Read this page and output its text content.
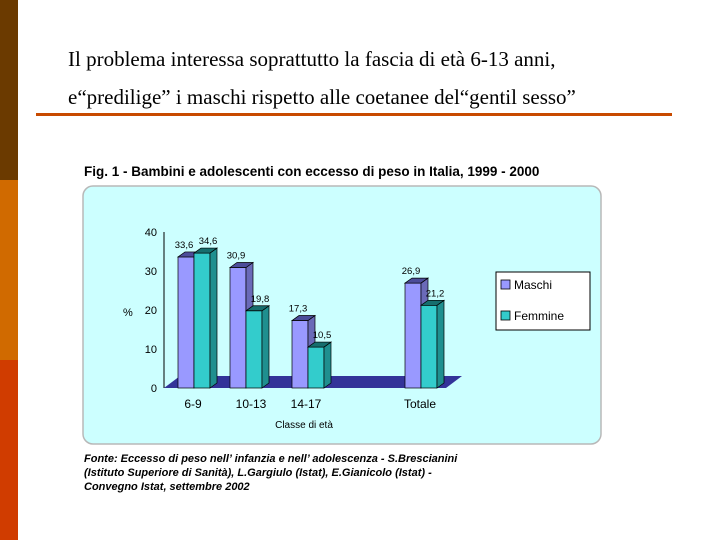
Il problema interessa soprattutto la fascia di età 6-13 anni,
e“predilige” i maschi rispetto alle coetanee del“gentil sesso”
Fig. 1 - Bambini e adolescenti con eccesso di peso in Italia, 1999 - 2000
0
10
20
30
40
%
33,6
30,9
17,3
26,9
34,6
19,8
10,5
21,2
6-9	10-13 14-17	Totale
Classe di età
Maschi
Femmine
Fonte: Eccesso di peso nell’ infanzia e nell’ adolescenza - S.Brescianini
(Istituto Superiore di Sanità), L.Gargiulo (Istat), E.Gianicolo (Istat) -
Convegno Istat, settembre 2002
